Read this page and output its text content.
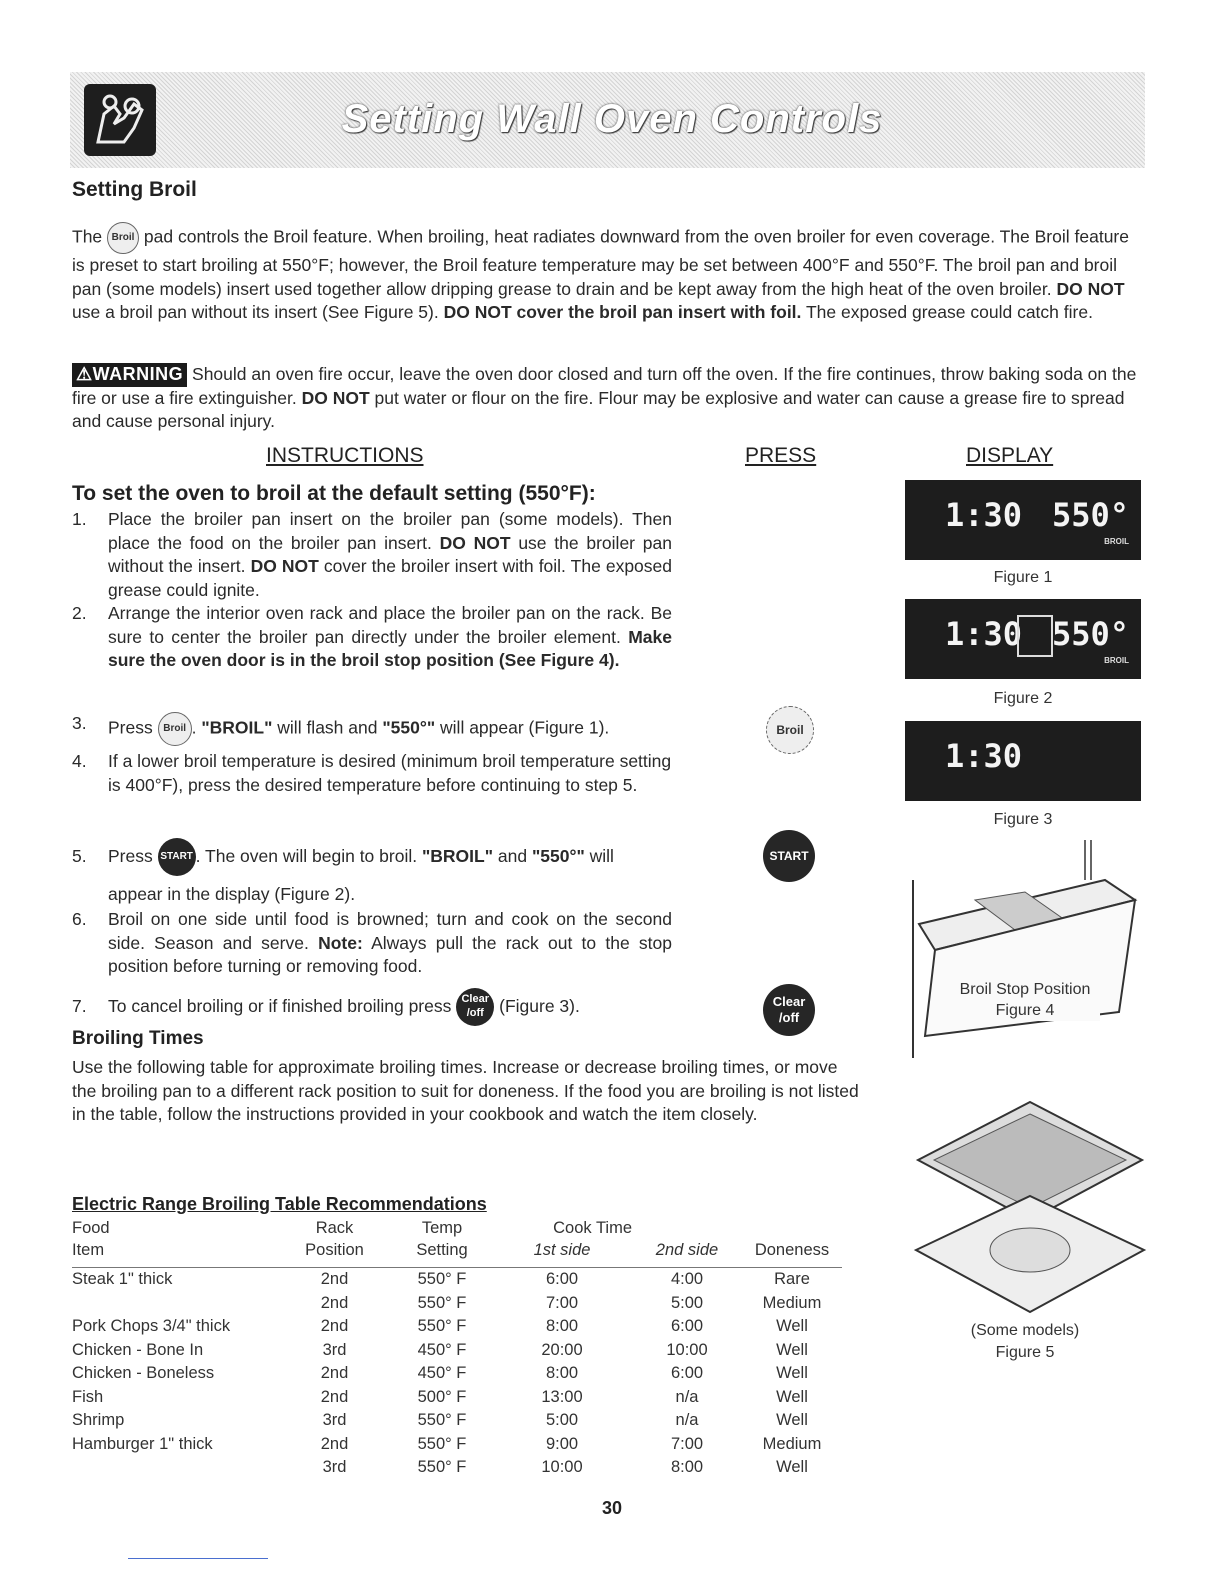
Setting Wall Oven Controls
Setting Broil
The Broil pad controls the Broil feature. When broiling, heat radiates downward from the oven broiler for even coverage. The Broil feature is preset to start broiling at 550°F; however, the Broil feature temperature may be set between 400°F and 550°F. The broil pan and broil pan (some models) insert used together allow dripping grease to drain and be kept away from the high heat of the oven broiler. DO NOT use a broil pan without its insert (See Figure 5). DO NOT cover the broil pan insert with foil. The exposed grease could catch fire.
⚠WARNING Should an oven fire occur, leave the oven door closed and turn off the oven. If the fire continues, throw baking soda on the fire or use a fire extinguisher. DO NOT put water or flour on the fire. Flour may be explosive and water can cause a grease fire to spread and cause personal injury.
INSTRUCTIONS	PRESS	DISPLAY
To set the oven to broil at the default setting (550°F):
1. Place the broiler pan insert on the broiler pan (some models). Then place the food on the broiler pan insert. DO NOT use the broiler pan without the insert. DO NOT cover the broiler insert with foil. The exposed grease could ignite.
2. Arrange the interior oven rack and place the broiler pan on the rack. Be sure to center the broiler pan directly under the broiler element. Make sure the oven door is in the broil stop position (See Figure 4).
3. Press Broil . "BROIL" will flash and "550°" will appear (Figure 1).
4. If a lower broil temperature is desired (minimum broil temperature setting is 400°F), press the desired temperature before continuing to step 5.
5. Press START . The oven will begin to broil. "BROIL" and "550°" will appear in the display (Figure 2).
6. Broil on one side until food is browned; turn and cook on the second side. Season and serve. Note: Always pull the rack out to the stop position before turning or removing food.
7. To cancel broiling or if finished broiling press Clear /off (Figure 3).
Broil
START
Clear /off
1:30 550°
BROIL
Figure 1
1:30 550°
BROIL
Figure 2
1:30
Figure 3
Broil Stop Position
Figure 4
(Some models)
Figure 5
Broiling Times
Use the following table for approximate broiling times. Increase or decrease broiling times, or move the broiling pan to a different rack position to suit for doneness. If the food you are broiling is not listed in the table, follow the instructions provided in your cookbook and watch the item closely.
Electric Range Broiling Table Recommendations
Food	Rack	Temp	Cook Time		
Item	Position	Setting	1st side	2nd side	Doneness

Steak 1" thick	2nd	550° F	6:00	4:00	Rare
	2nd	550° F	7:00	5:00	Medium
Pork Chops 3/4" thick	2nd	550° F	8:00	6:00	Well
Chicken - Bone In	3rd	450° F	20:00	10:00	Well
Chicken - Boneless	2nd	450° F	8:00	6:00	Well
Fish	2nd	500° F	13:00	n/a	Well
Shrimp	3rd	550° F	5:00	n/a	Well
Hamburger 1" thick	2nd	550° F	9:00	7:00	Medium
	3rd	550° F	10:00	8:00	Well
30
